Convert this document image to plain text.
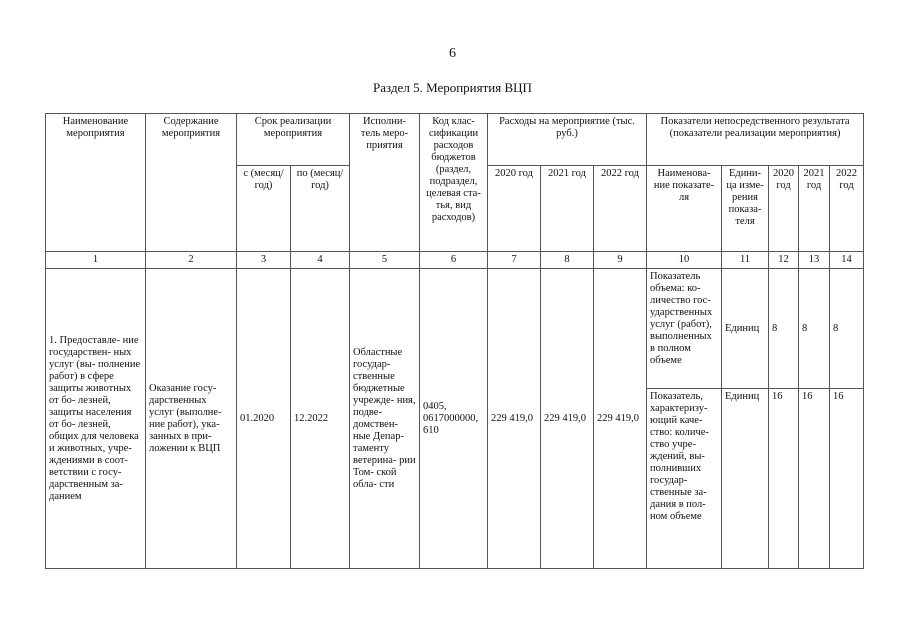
6
Раздел 5. Мероприятия ВЦП
Наименование мероприятия	Содержание мероприятия	Срок реализации мероприятия		Исполни- тель меро- приятия	Код клас- сификации расходов бюджетов (раздел, подраздел, целевая ста- тья, вид расходов)	Расходы на мероприятие (тыс. руб.)			Показатели непосредственного результата (показатели реализации мероприятия)				
		с (месяц/ год)	по (месяц/ год)			2020 год	2021 год	2022 год	Наименова- ние показате- ля	Едини- ца изме- рения показа- теля	2020 год	2021 год	2022 год

1	2	3	4	5	6	7	8	9	10	11	12	13	14
1. Предоставле- ние государствен- ных услуг (вы- полнение работ) в сфере защиты животных от бо- лезней, защиты населения от бо- лезней, общих для человека и животных, учре- ждениями в соот- ветствии с госу- дарственным за- данием	Оказание госу- дарственных услуг (выполне- ние работ), ука- занных в при- ложении к ВЦП	01.2020	12.2022	Областные государ- ственные бюджетные учрежде- ния, подве- домствен- ные Депар- таменту ветерина- рии Том- ской обла- сти	0405, 0617000000, 610	229 419,0	229 419,0	229 419,0	Показатель объема: ко- личество гос- ударственных услуг (работ), выполненных в полном объеме	Единиц	8	8	8
									Показатель, характеризу- ющий каче- ство: количе- ство учре- ждений, вы- полнивших государ- ственные за- дания в пол- ном объеме	Единиц	16	16	16
